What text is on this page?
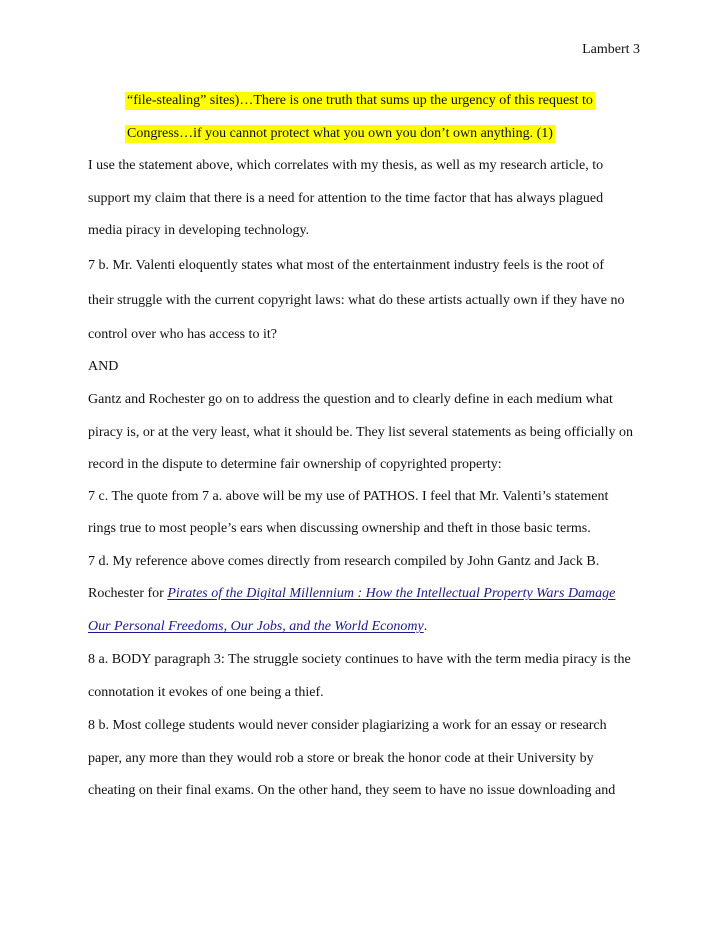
Lambert 3
“file-stealing” sites)…There is one truth that sums up the urgency of this request to
Congress…if you cannot protect what you own you don’t own anything. (1)
I use the statement above, which correlates with my thesis, as well as my research article, to
support my claim that there is a need for attention to the time factor that has always plagued
media piracy in developing technology.
7 b. Mr. Valenti eloquently states what most of the entertainment industry feels is the root of
their struggle with the current copyright laws: what do these artists actually own if they have no
control over who has access to it?
AND
Gantz and Rochester go on to address the question and to clearly define in each medium what
piracy is, or at the very least, what it should be. They list several statements as being officially on
record in the dispute to determine fair ownership of copyrighted property:
7 c. The quote from 7 a. above will be my use of PATHOS. I feel that Mr. Valenti’s statement
rings true to most people’s ears when discussing ownership and theft in those basic terms.
7 d. My reference above comes directly from research compiled by John Gantz and Jack B.
Rochester for Pirates of the Digital Millennium : How the Intellectual Property Wars Damage
Our Personal Freedoms, Our Jobs, and the World Economy.
8 a. BODY paragraph 3: The struggle society continues to have with the term media piracy is the
connotation it evokes of one being a thief.
8 b. Most college students would never consider plagiarizing a work for an essay or research
paper, any more than they would rob a store or break the honor code at their University by
cheating on their final exams. On the other hand, they seem to have no issue downloading and
